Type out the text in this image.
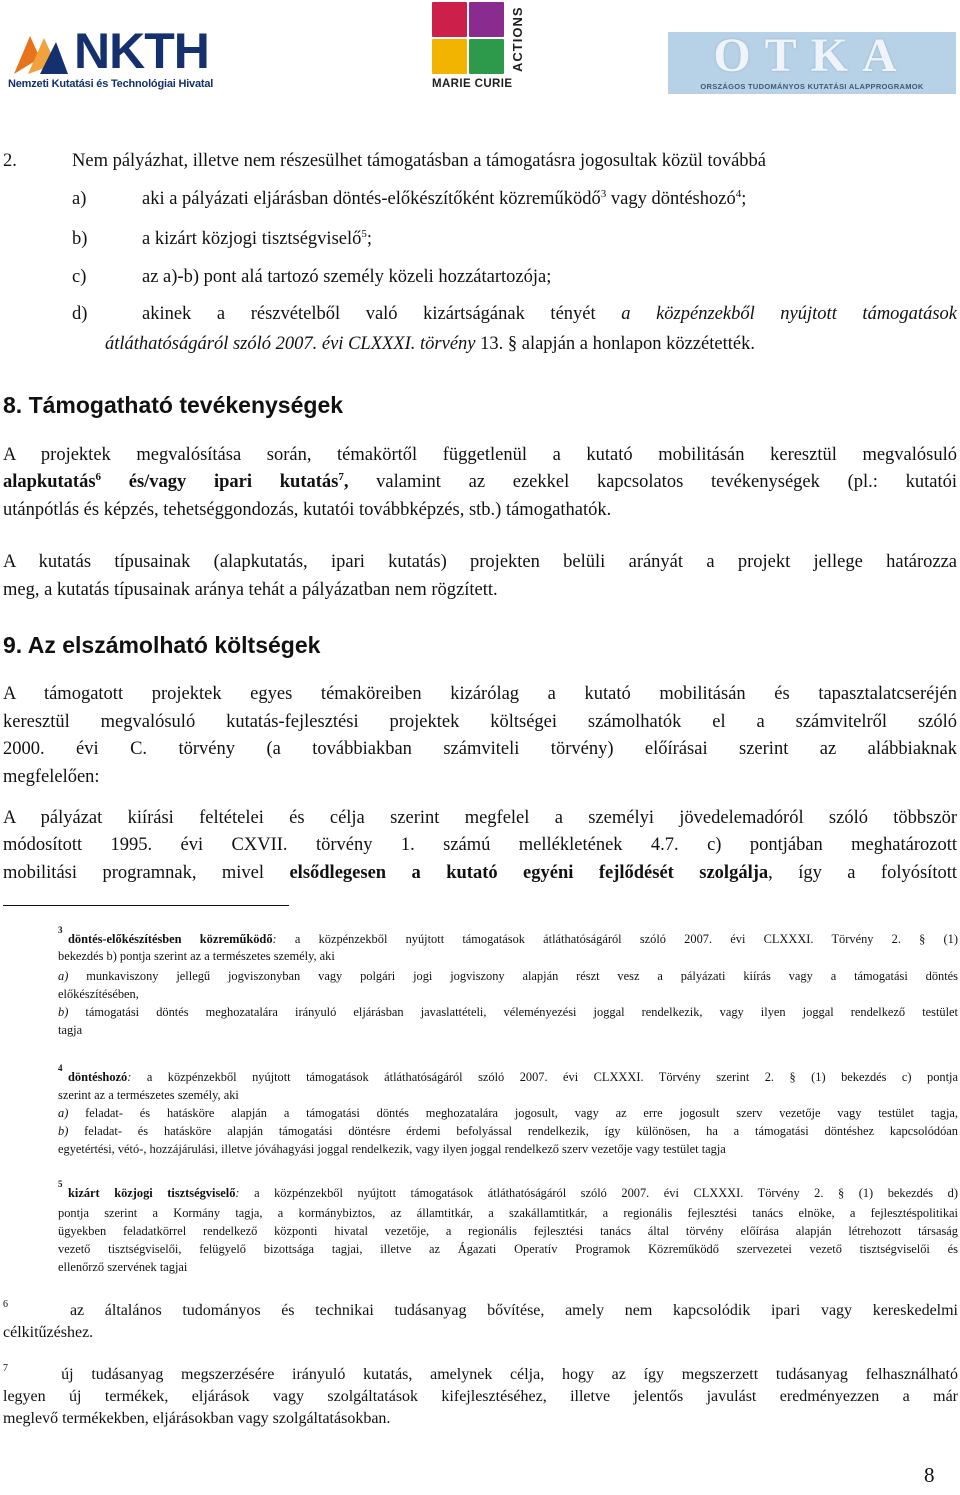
NKTH
Nemzeti Kutatási és Technológiai Hivatal
ACTIONS
MARIE CURIE
OTKA
ORSZÁGOS TUDOMÁNYOS KUTATÁSI ALAPPROGRAMOK
2.	Nem pályázhat, illetve nem részesülhet támogatásban a támogatásra jogosultak közül továbbá
a)	aki a pályázati eljárásban döntés-előkészítőként közreműködő$^3$ vagy döntéshozó$^4$;
b)	a kizárt közjogi tisztségviselő$^5$;
c)	az a)-b) pont alá tartozó személy közeli hozzátartozója;
d)	akinek a részvételből való kizártságának tényét a közpénzekből nyújtott támogatások
átláthatóságáról szóló 2007. évi CLXXXI. törvény 13. § alapján a honlapon közzétették.
8. Támogatható tevékenységek
A projektek megvalósítása során, témakörtől függetlenül a kutató mobilitásán keresztül megvalósuló
alapkutatás$^6$ és/vagy ipari kutatás$^7$, valamint az ezekkel kapcsolatos tevékenységek (pl.: kutatói
utánpótlás és képzés, tehetséggondozás, kutatói továbbképzés, stb.) támogathatók.
A kutatás típusainak (alapkutatás, ipari kutatás) projekten belüli arányát a projekt jellege határozza
meg, a kutatás típusainak aránya tehát a pályázatban nem rögzített.
9. Az elszámolható költségek
A támogatott projektek egyes témaköreiben kizárólag a kutató mobilitásán és tapasztalatcseréjén
keresztül megvalósuló kutatás-fejlesztési projektek költségei számolhatók el a számvitelről szóló
2000. évi C. törvény (a továbbiakban számviteli törvény) előírásai szerint az alábbiaknak
megfelelően:
A pályázat kiírási feltételei és célja szerint megfelel a személyi jövedelemadóról szóló többször
módosított 1995. évi CXVII. törvény 1. számú mellékletének 4.7. c) pontjában meghatározott
mobilitási programnak, mivel elsődlegesen a kutató egyéni fejlődését szolgálja, így a folyósított
$^3$
döntés-előkészítésben közreműködő: a közpénzekből nyújtott támogatások átláthatóságáról szóló 2007. évi CLXXXI. Törvény 2. § (1)
bekezdés b) pontja szerint az a természetes személy, aki
a) munkaviszony jellegű jogviszonyban vagy polgári jogi jogviszony alapján részt vesz a pályázati kiírás vagy a támogatási döntés
előkészítésében,
b) támogatási döntés meghozatalára irányuló eljárásban javaslattételi, véleményezési joggal rendelkezik, vagy ilyen joggal rendelkező testület
tagja
$^4$
döntéshozó: a közpénzekből nyújtott támogatások átláthatóságáról szóló 2007. évi CLXXXI. Törvény szerint 2. § (1) bekezdés c) pontja
szerint az a természetes személy, aki
a) feladat- és hatásköre alapján a támogatási döntés meghozatalára jogosult, vagy az erre jogosult szerv vezetője vagy testület tagja,
b) feladat- és hatásköre alapján támogatási döntésre érdemi befolyással rendelkezik, így különösen, ha a támogatási döntéshez kapcsolódóan
egyetértési, vétó-, hozzájárulási, illetve jóváhagyási joggal rendelkezik, vagy ilyen joggal rendelkező szerv vezetője vagy testület tagja
$^5$
kizárt közjogi tisztségviselő: a közpénzekből nyújtott támogatások átláthatóságáról szóló 2007. évi CLXXXI. Törvény 2. § (1) bekezdés d)
pontja szerint a Kormány tagja, a kormánybiztos, az államtitkár, a szakállamtitkár, a regionális fejlesztési tanács elnöke, a fejlesztéspolitikai
ügyekben feladatkörrel rendelkező központi hivatal vezetője, a regionális fejlesztési tanács által törvény előírása alapján létrehozott társaság
vezető tisztségviselői, felügyelő bizottsága tagjai, illetve az Ágazati Operatív Programok Közreműködő szervezetei vezető tisztségviselői és
ellenőrző szervének tagjai
$^6$	az általános tudományos és technikai tudásanyag bővítése, amely nem kapcsolódik ipari vagy kereskedelmi
célkitűzéshez.
$^7$	új tudásanyag megszerzésére irányuló kutatás, amelynek célja, hogy az így megszerzett tudásanyag felhasználható
legyen új termékek, eljárások vagy szolgáltatások kifejlesztéséhez, illetve jelentős javulást eredményezzen a már
meglevő termékekben, eljárásokban vagy szolgáltatásokban.
8
